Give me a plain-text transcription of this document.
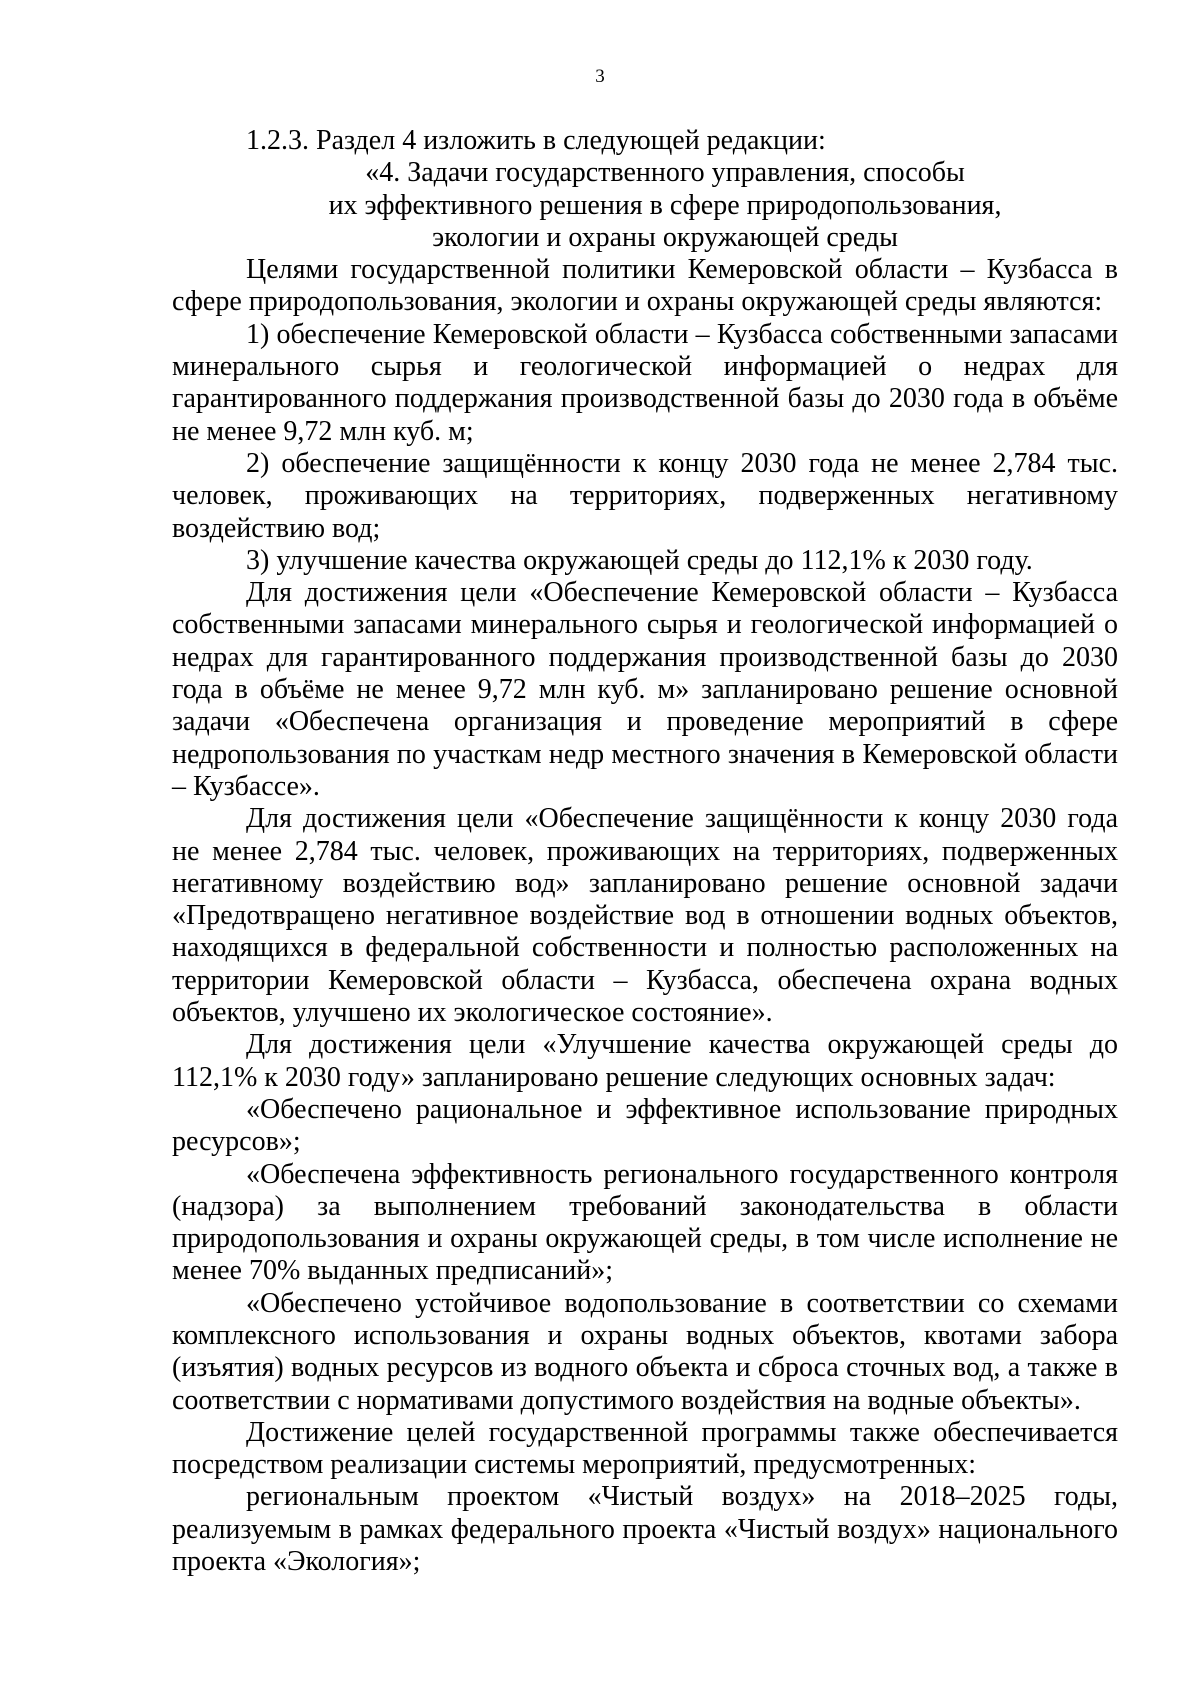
3

1.2.3. Раздел 4 изложить в следующей редакции:

«4. Задачи государственного управления, способы
их эффективного решения в сфере природопользования,
экологии и охраны окружающей среды

Целями государственной политики Кемеровской области – Кузбасса в сфере природопользования, экологии и охраны окружающей среды являются:

1) обеспечение Кемеровской области – Кузбасса собственными запасами минерального сырья и геологической информацией о недрах для гарантированного поддержания производственной базы до 2030 года в объёме не менее 9,72 млн куб. м;

2) обеспечение защищённости к концу 2030 года не менее 2,784 тыс. человек, проживающих на территориях, подверженных негативному воздействию вод;

3) улучшение качества окружающей среды до 112,1% к 2030 году.

Для достижения цели «Обеспечение Кемеровской области – Кузбасса собственными запасами минерального сырья и геологической информацией о недрах для гарантированного поддержания производственной базы до 2030 года в объёме не менее 9,72 млн куб. м» запланировано решение основной задачи «Обеспечена организация и проведение мероприятий в сфере недропользования по участкам недр местного значения в Кемеровской области – Кузбассе».

Для достижения цели «Обеспечение защищённости к концу 2030 года не менее 2,784 тыс. человек, проживающих на территориях, подверженных негативному воздействию вод» запланировано решение основной задачи «Предотвращено негативное воздействие вод в отношении водных объектов, находящихся в федеральной собственности и полностью расположенных на территории Кемеровской области – Кузбасса, обеспечена охрана водных объектов, улучшено их экологическое состояние».

Для достижения цели «Улучшение качества окружающей среды до 112,1% к 2030 году» запланировано решение следующих основных задач:

«Обеспечено рациональное и эффективное использование природных ресурсов»;

«Обеспечена эффективность регионального государственного контроля (надзора) за выполнением требований законодательства в области природопользования и охраны окружающей среды, в том числе исполнение не менее 70% выданных предписаний»;

«Обеспечено устойчивое водопользование в соответствии со схемами комплексного использования и охраны водных объектов, квотами забора (изъятия) водных ресурсов из водного объекта и сброса сточных вод, а также в соответствии с нормативами допустимого воздействия на водные объекты».

Достижение целей государственной программы также обеспечивается посредством реализации системы мероприятий, предусмотренных:

региональным проектом «Чистый воздух» на 2018–2025 годы, реализуемым в рамках федерального проекта «Чистый воздух» национального проекта «Экология»;
